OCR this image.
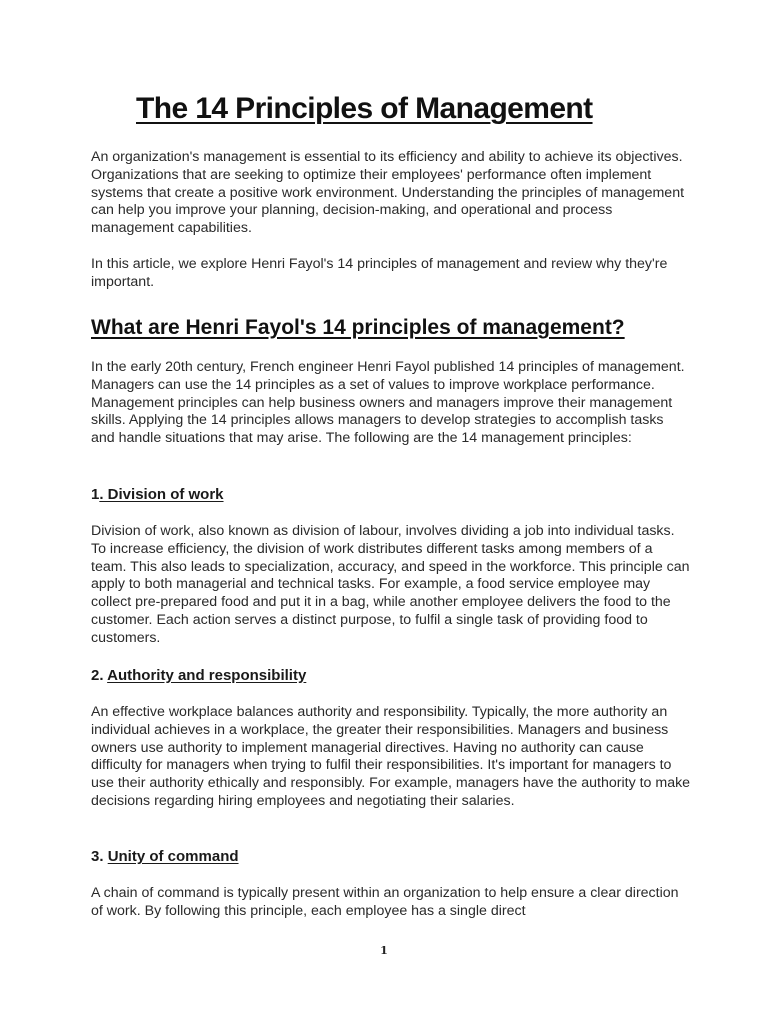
The 14 Principles of Management

An organization's management is essential to its efficiency and ability to achieve its objectives. Organizations that are seeking to optimize their employees' performance often implement systems that create a positive work environment. Understanding the principles of management can help you improve your planning, decision-making, and operational and process management capabilities.

In this article, we explore Henri Fayol's 14 principles of management and review why they're important.

What are Henri Fayol's 14 principles of management?

In the early 20th century, French engineer Henri Fayol published 14 principles of management. Managers can use the 14 principles as a set of values to improve workplace performance. Management principles can help business owners and managers improve their management skills. Applying the 14 principles allows managers to develop strategies to accomplish tasks and handle situations that may arise. The following are the 14 management principles:

1. Division of work

Division of work, also known as division of labour, involves dividing a job into individual tasks. To increase efficiency, the division of work distributes different tasks among members of a team. This also leads to specialization, accuracy, and speed in the workforce. This principle can apply to both managerial and technical tasks. For example, a food service employee may collect pre-prepared food and put it in a bag, while another employee delivers the food to the customer. Each action serves a distinct purpose, to fulfil a single task of providing food to customers.

2. Authority and responsibility

An effective workplace balances authority and responsibility. Typically, the more authority an individual achieves in a workplace, the greater their responsibilities. Managers and business owners use authority to implement managerial directives. Having no authority can cause difficulty for managers when trying to fulfil their responsibilities. It's important for managers to use their authority ethically and responsibly. For example, managers have the authority to make decisions regarding hiring employees and negotiating their salaries.

3. Unity of command

A chain of command is typically present within an organization to help ensure a clear direction of work. By following this principle, each employee has a single direct

1
